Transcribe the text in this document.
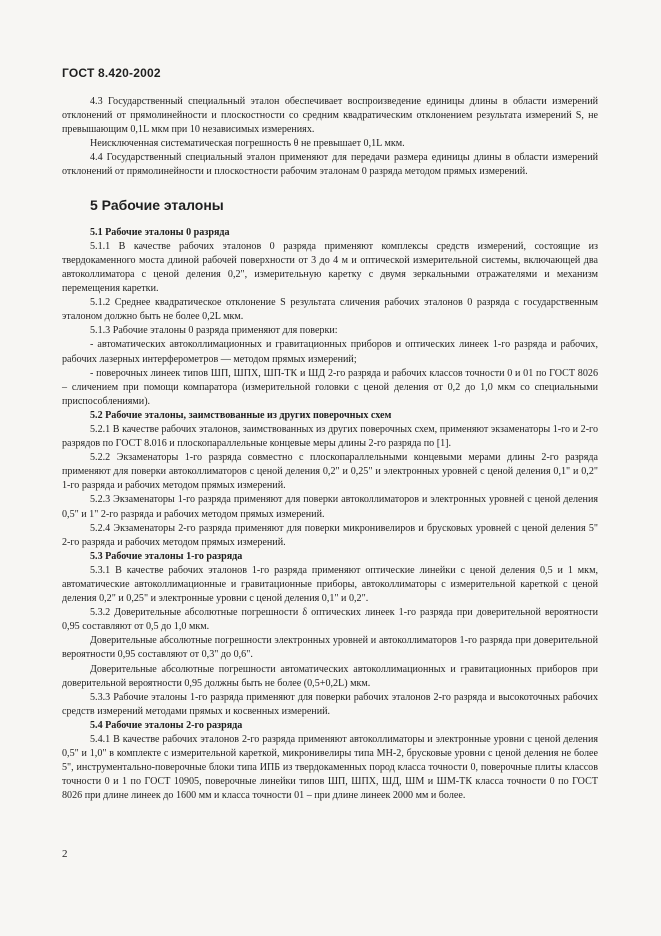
ГОСТ 8.420-2002

4.3 Государственный специальный эталон обеспечивает воспроизведение единицы длины в области измерений отклонений от прямолинейности и плоскостности со средним квадратическим отклонением результата измерений S, не превышающим 0,1L мкм при 10 независимых измерениях.

Неисключенная систематическая погрешность θ не превышает 0,1L мкм.

4.4 Государственный специальный эталон применяют для передачи размера единицы длины в области измерений отклонений от прямолинейности и плоскостности рабочим эталонам 0 разряда методом прямых измерений.

5 Рабочие эталоны
5.1 Рабочие эталоны 0 разряда

5.1.1 В качестве рабочих эталонов 0 разряда применяют комплексы средств измерений, состоящие из твердокаменного моста длиной рабочей поверхности от 3 до 4 м и оптической измерительной системы, включающей два автоколлиматора с ценой деления 0,2", измерительную каретку с двумя зеркальными отражателями и механизм перемещения каретки.

5.1.2 Среднее квадратическое отклонение S результата сличения рабочих эталонов 0 разряда с государственным эталоном должно быть не более 0,2L мкм.

5.1.3 Рабочие эталоны 0 разряда применяют для поверки:

- автоматических автоколлимационных и гравитационных приборов и оптических линеек 1-го разряда и рабочих, рабочих лазерных интерферометров — методом прямых измерений;

- поверочных линеек типов ШП, ШПХ, ШП-ТК и ШД 2-го разряда и рабочих классов точности 0 и 01 по ГОСТ 8026 – сличением при помощи компаратора (измерительной головки с ценой деления от 0,2 до 1,0 мкм со специальными приспособлениями).

5.2 Рабочие эталоны, заимствованные из других поверочных схем

5.2.1 В качестве рабочих эталонов, заимствованных из других поверочных схем, применяют экзаменаторы 1-го и 2-го разрядов по ГОСТ 8.016 и плоскопараллельные концевые меры длины 2-го разряда по [1].

5.2.2 Экзаменаторы 1-го разряда совместно с плоскопараллельными концевыми мерами длины 2-го разряда применяют для поверки автоколлиматоров с ценой деления 0,2" и 0,25" и электронных уровней с ценой деления 0,1" и 0,2" 1-го разряда и рабочих методом прямых измерений.

5.2.3 Экзаменаторы 1-го разряда применяют для поверки автоколлиматоров и электронных уровней с ценой деления 0,5" и 1" 2-го разряда и рабочих методом прямых измерений.

5.2.4 Экзаменаторы 2-го разряда применяют для поверки микронивелиров и брусковых уровней с ценой деления 5" 2-го разряда и рабочих методом прямых измерений.

5.3 Рабочие эталоны 1-го разряда

5.3.1 В качестве рабочих эталонов 1-го разряда применяют оптические линейки с ценой деления 0,5 и 1 мкм, автоматические автоколлимационные и гравитационные приборы, автоколлиматоры с измерительной кареткой с ценой деления 0,2" и 0,25" и электронные уровни с ценой деления 0,1" и 0,2".

5.3.2 Доверительные абсолютные погрешности δ оптических линеек 1-го разряда при доверительной вероятности 0,95 составляют от 0,5 до 1,0 мкм.

Доверительные абсолютные погрешности электронных уровней и автоколлиматоров 1-го разряда при доверительной вероятности 0,95 составляют от 0,3" до 0,6".

Доверительные абсолютные погрешности автоматических автоколлимационных и гравитационных приборов при доверительной вероятности 0,95 должны быть не более (0,5+0,2L) мкм.

5.3.3 Рабочие эталоны 1-го разряда применяют для поверки рабочих эталонов 2-го разряда и высокоточных рабочих средств измерений методами прямых и косвенных измерений.

5.4 Рабочие эталоны 2-го разряда

5.4.1 В качестве рабочих эталонов 2-го разряда применяют автоколлиматоры и электронные уровни с ценой деления 0,5" и 1,0" в комплекте с измерительной кареткой, микронивелиры типа МН-2, брусковые уровни с ценой деления не более 5", инструментально-поверочные блоки типа ИПБ из твердокаменных пород класса точности 0, поверочные плиты классов точности 0 и 1 по ГОСТ 10905, поверочные линейки типов ШП, ШПХ, ШД, ШМ и ШМ-ТК класса точности 0 по ГОСТ 8026 при длине линеек до 1600 мм и класса точности 01 – при длине линеек 2000 мм и более.

2
